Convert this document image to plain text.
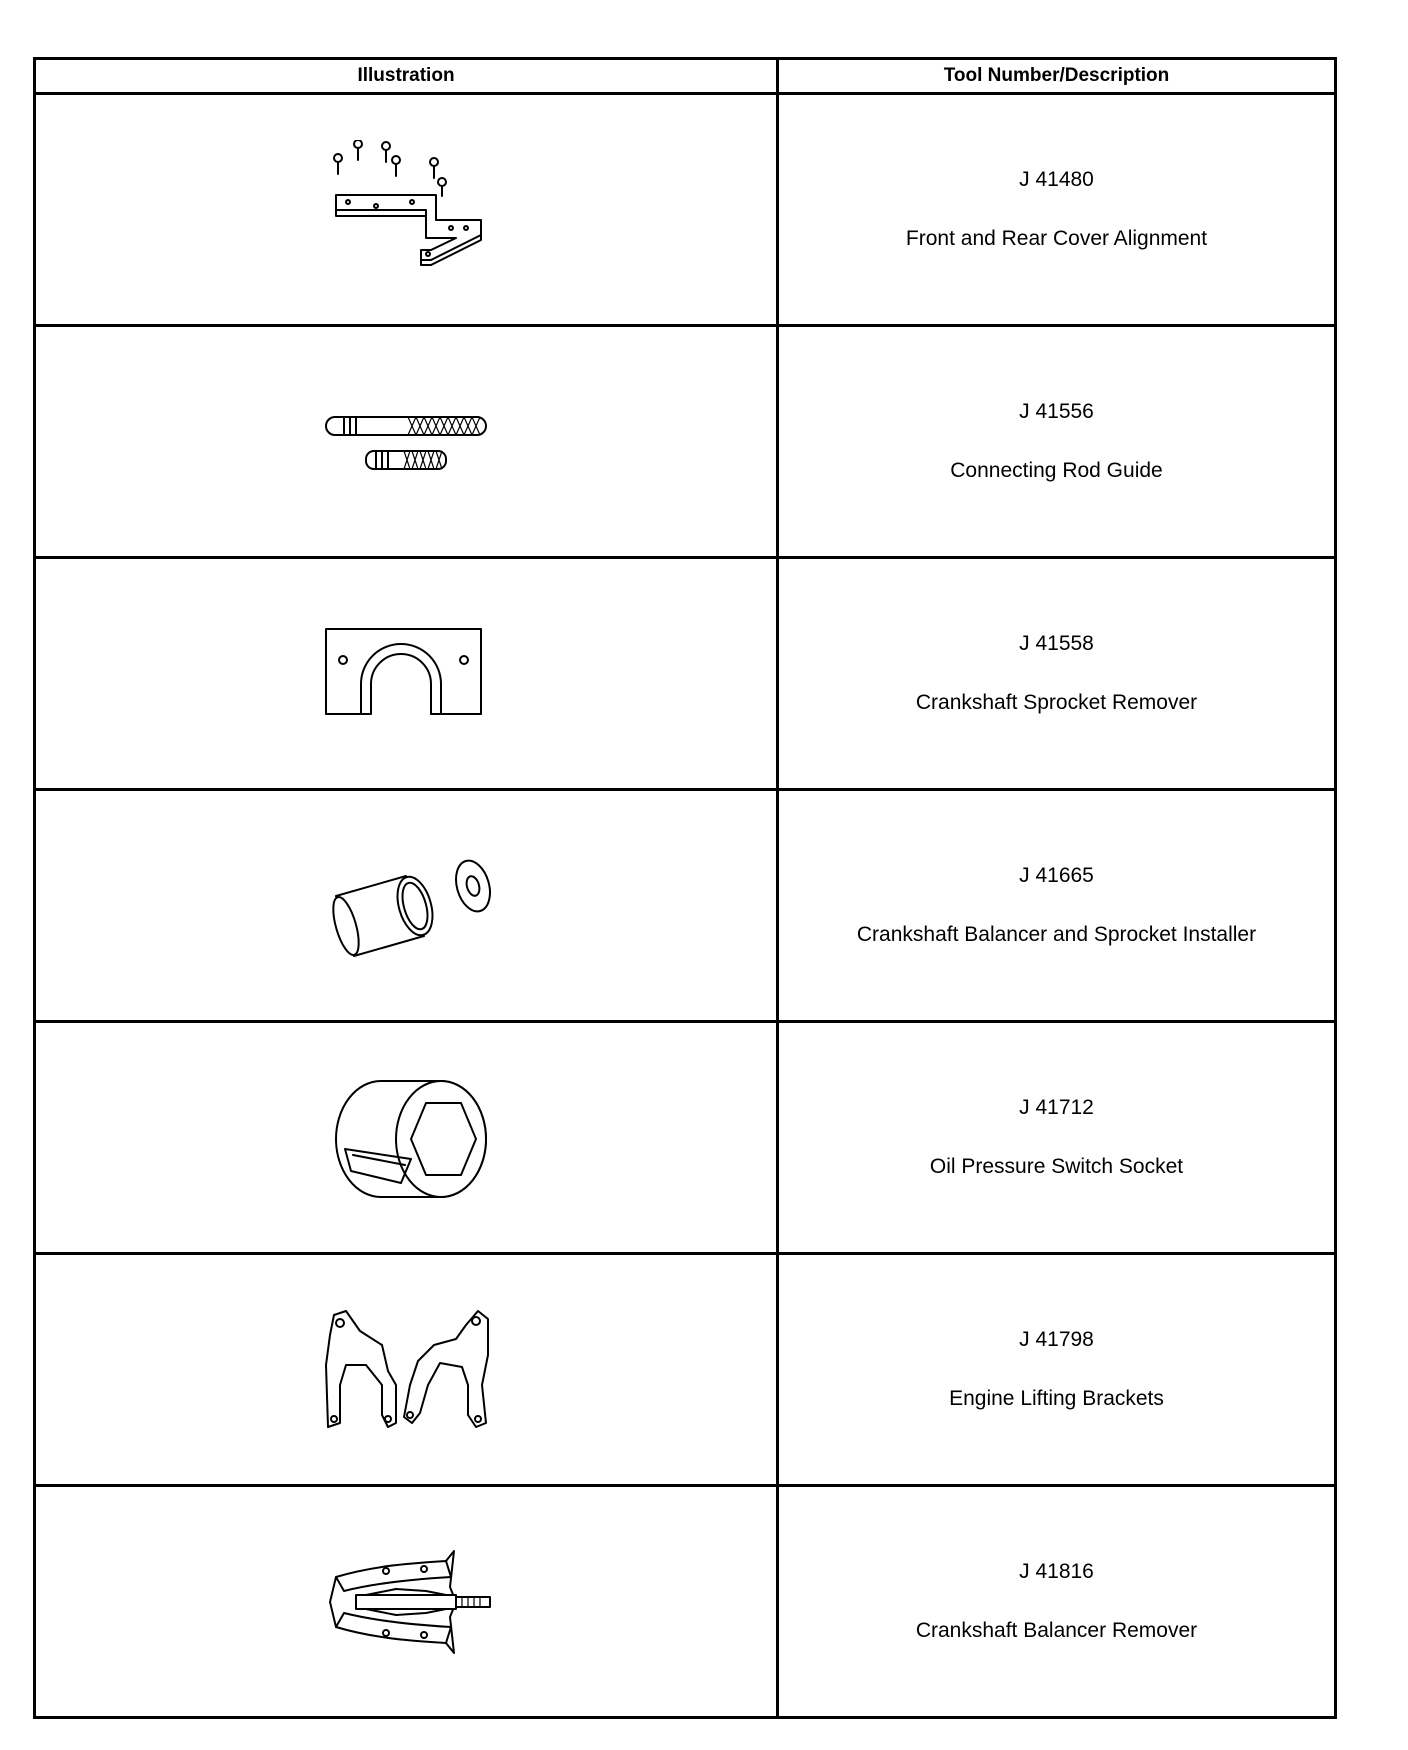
Illustration	Tool Number/Description

J 41480
Front and Rear Cover Alignment

J 41556
Connecting Rod Guide

J 41558
Crankshaft Sprocket Remover

J 41665
Crankshaft Balancer and Sprocket Installer

J 41712
Oil Pressure Switch Socket

J 41798
Engine Lifting Brackets

J 41816
Crankshaft Balancer Remover
